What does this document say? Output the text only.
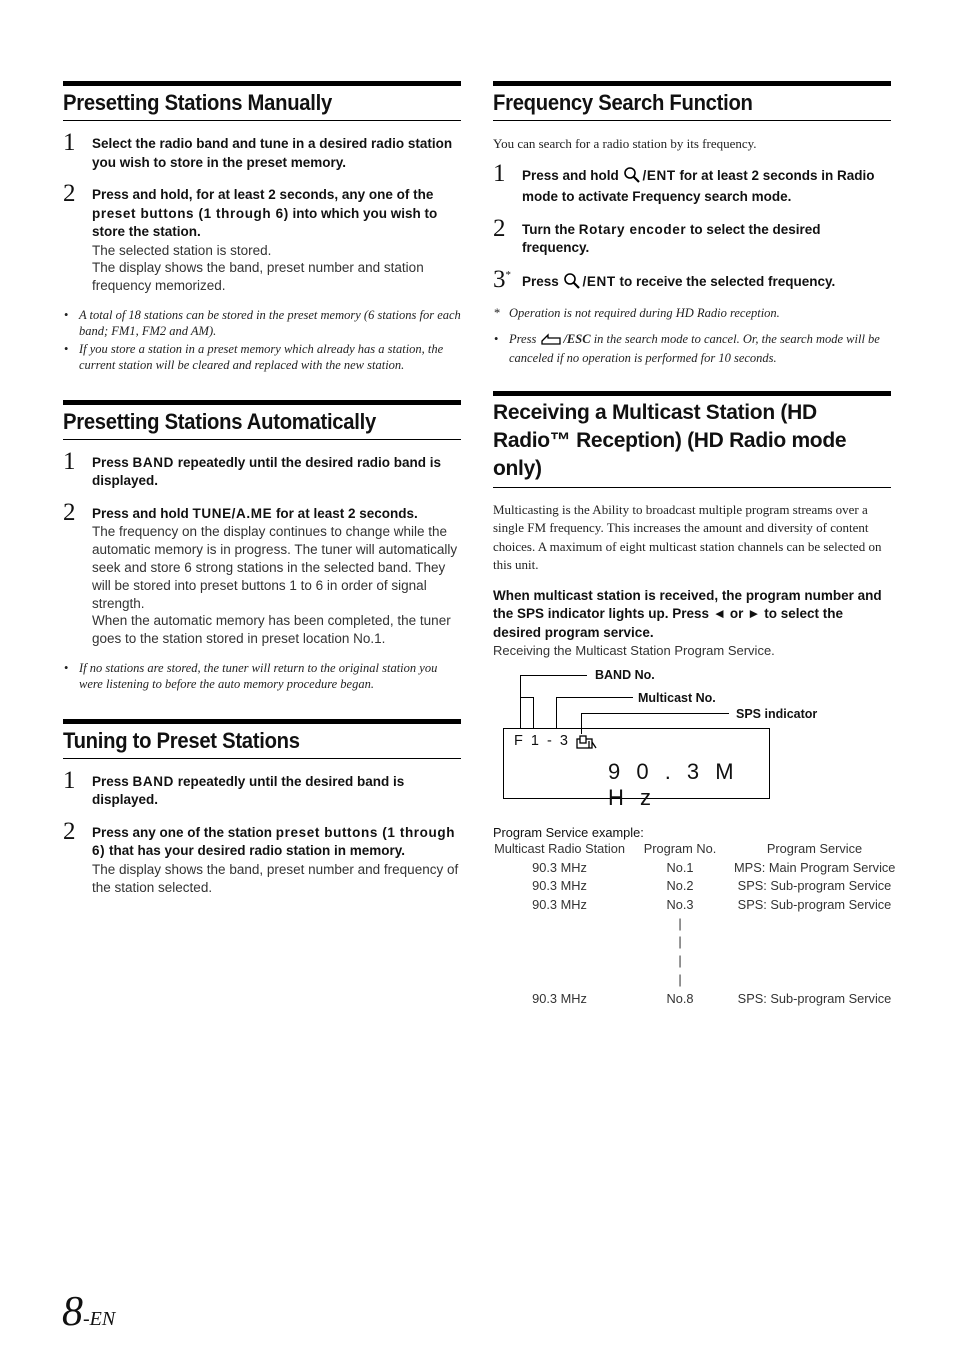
Presetting Stations Manually
1 Select the radio band and tune in a desired radio station you wish to store in the preset memory.
2 Press and hold, for at least 2 seconds, any one of the preset buttons (1 through 6) into which you wish to store the station.
The selected station is stored.
The display shows the band, preset number and station frequency memorized.
• A total of 18 stations can be stored in the preset memory (6 stations for each band; FM1, FM2 and AM).
• If you store a station in a preset memory which already has a station, the current station will be cleared and replaced with the new station.
Presetting Stations Automatically
1 Press BAND repeatedly until the desired radio band is displayed.
2 Press and hold TUNE/A.ME for at least 2 seconds.
The frequency on the display continues to change while the automatic memory is in progress. The tuner will automatically seek and store 6 strong stations in the selected band. They will be stored into preset buttons 1 to 6 in order of signal strength.
When the automatic memory has been completed, the tuner goes to the station stored in preset location No.1.
• If no stations are stored, the tuner will return to the original station you were listening to before the auto memory procedure began.
Tuning to Preset Stations
1 Press BAND repeatedly until the desired band is displayed.
2 Press any one of the station preset buttons (1 through 6) that has your desired radio station in memory.
The display shows the band, preset number and frequency of the station selected.
Frequency Search Function
You can search for a radio station by its frequency.
1 Press and hold /ENT for at least 2 seconds in Radio mode to activate Frequency search mode.
2 Turn the Rotary encoder to select the desired frequency.
3* Press /ENT to receive the selected frequency.
* Operation is not required during HD Radio reception.
• Press /ESC in the search mode to cancel. Or, the search mode will be canceled if no operation is performed for 10 seconds.
Receiving a Multicast Station (HD Radio™ Reception) (HD Radio mode only)
Multicasting is the Ability to broadcast multiple program streams over a single FM frequency. This increases the amount and diversity of content choices. A maximum of eight multicast station channels can be selected on this unit.
When multicast station is received, the program number and the SPS indicator lights up. Press ◄ or ► to select the desired program service.
Receiving the Multicast Station Program Service.
BAND No.
Multicast No.
SPS indicator
F 1 - 3
9 0 . 3 M H z
Program Service example:
Multicast Radio Station	Program No.	Program Service
90.3 MHz	No.1	MPS: Main Program Service
90.3 MHz	No.2	SPS: Sub-program Service
90.3 MHz	No.3	SPS: Sub-program Service
|
|
|
|
90.3 MHz	No.8	SPS: Sub-program Service
8-EN
